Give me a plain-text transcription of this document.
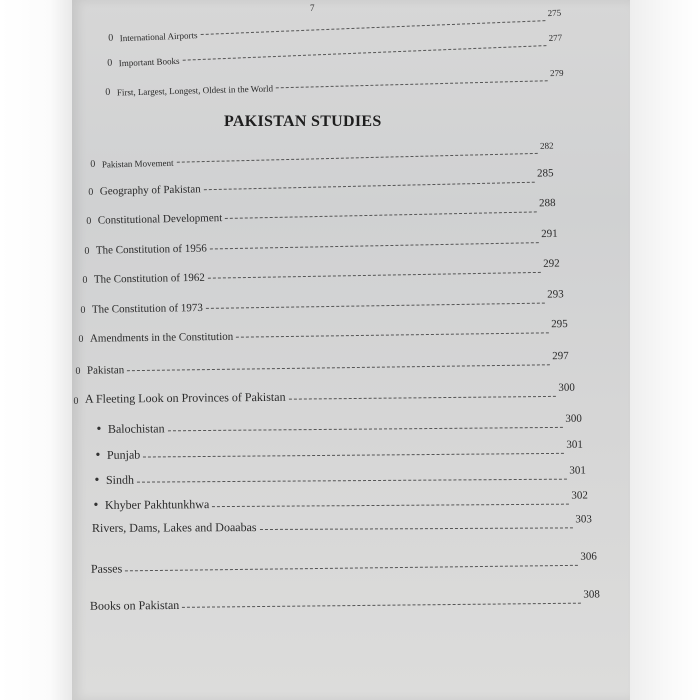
7
0 International Airports
275
0 Important Books
277
0 First, Largest, Longest, Oldest in the World
279
PAKISTAN STUDIES
0 Pakistan Movement
282
0 Geography of Pakistan
285
0 Constitutional Development
288
0 The Constitution of 1956
291
0 The Constitution of 1962
292
0 The Constitution of 1973
293
0 Amendments in the Constitution
295
0 Pakistan
297
0 A Fleeting Look on Provinces of Pakistan
300
• Balochistan
300
• Punjab
301
• Sindh
301
• Khyber Pakhtunkhwa
302
Rivers, Dams, Lakes and Doaabas
303
Passes
306
Books on Pakistan
308
